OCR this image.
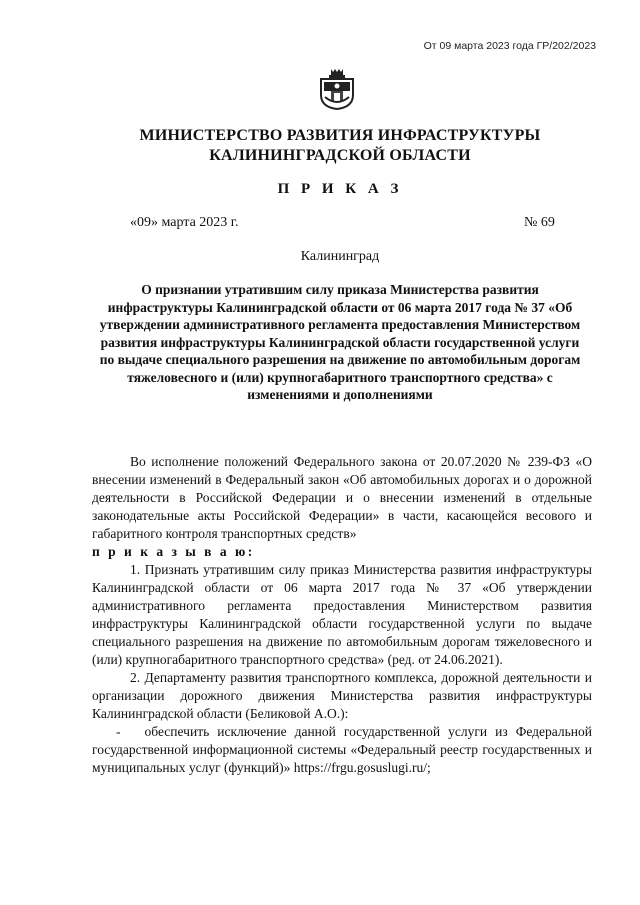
От 09 марта 2023 года ГР/202/2023
МИНИСТЕРСТВО РАЗВИТИЯ ИНФРАСТРУКТУРЫ
КАЛИНИНГРАДСКОЙ ОБЛАСТИ
П Р И К А З
«09» марта 2023 г.	№ 69
Калининград
О признании утратившим силу приказа Министерства развития инфраструктуры Калининградской области от 06 марта 2017 года № 37 «Об утверждении административного регламента предоставления Министерством развития инфраструктуры Калининградской области государственной услуги по выдаче специального разрешения на движение по автомобильным дорогам тяжеловесного и (или) крупногабаритного транспортного средства» с изменениями и дополнениями

Во исполнение положений Федерального закона от 20.07.2020 № 239-ФЗ «О внесении изменений в Федеральный закон «Об автомобильных дорогах и о дорожной деятельности в Российской Федерации и о внесении изменений в отдельные законодательные акты Российской Федерации» в части, касающейся весового и габаритного контроля транспортных средств»

п р и к а з ы в а ю:

1. Признать утратившим силу приказ Министерства развития инфраструктуры Калининградской области от 06 марта 2017 года № 37 «Об утверждении административного регламента предоставления Министерством развития инфраструктуры Калининградской области государственной услуги по выдаче специального разрешения на движение по автомобильным дорогам тяжеловесного и (или) крупногабаритного транспортного средства» (ред. от 24.06.2021).

2. Департаменту развития транспортного комплекса, дорожной деятельности и организации дорожного движения Министерства развития инфраструктуры Калининградской области (Беликовой А.О.):

-   обеспечить исключение данной государственной услуги из Федеральной государственной информационной системы «Федеральный реестр государственных и муниципальных услуг (функций)» https://frgu.gosuslugi.ru/;
